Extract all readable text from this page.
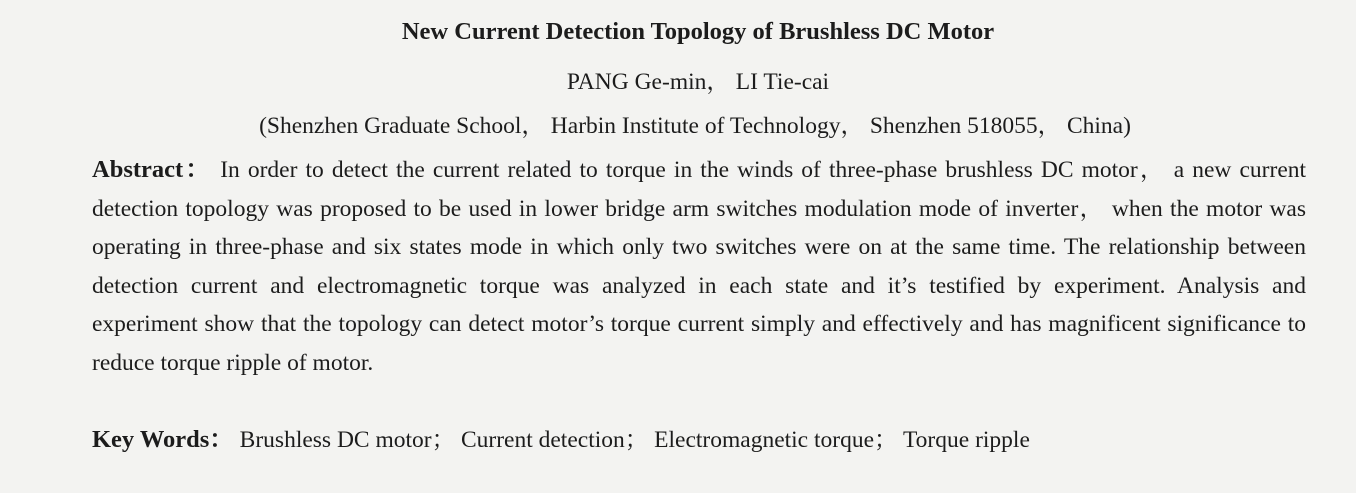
New Current Detection Topology of Brushless DC Motor
PANG Ge-min， LI Tie-cai
(Shenzhen Graduate School， Harbin Institute of Technology， Shenzhen 518055， China)
Abstract： In order to detect the current related to torque in the winds of three-phase brushless DC motor， a new current detection topology was proposed to be used in lower bridge arm switches modulation mode of inverter， when the motor was operating in three-phase and six states mode in which only two switches were on at the same time. The relationship between detection current and electromagnetic torque was analyzed in each state and it’s testified by experiment. Analysis and experiment show that the topology can detect motor’s torque current simply and effectively and has magnificent significance to reduce torque ripple of motor.
Key Words： Brushless DC motor； Current detection； Electromagnetic torque； Torque ripple
